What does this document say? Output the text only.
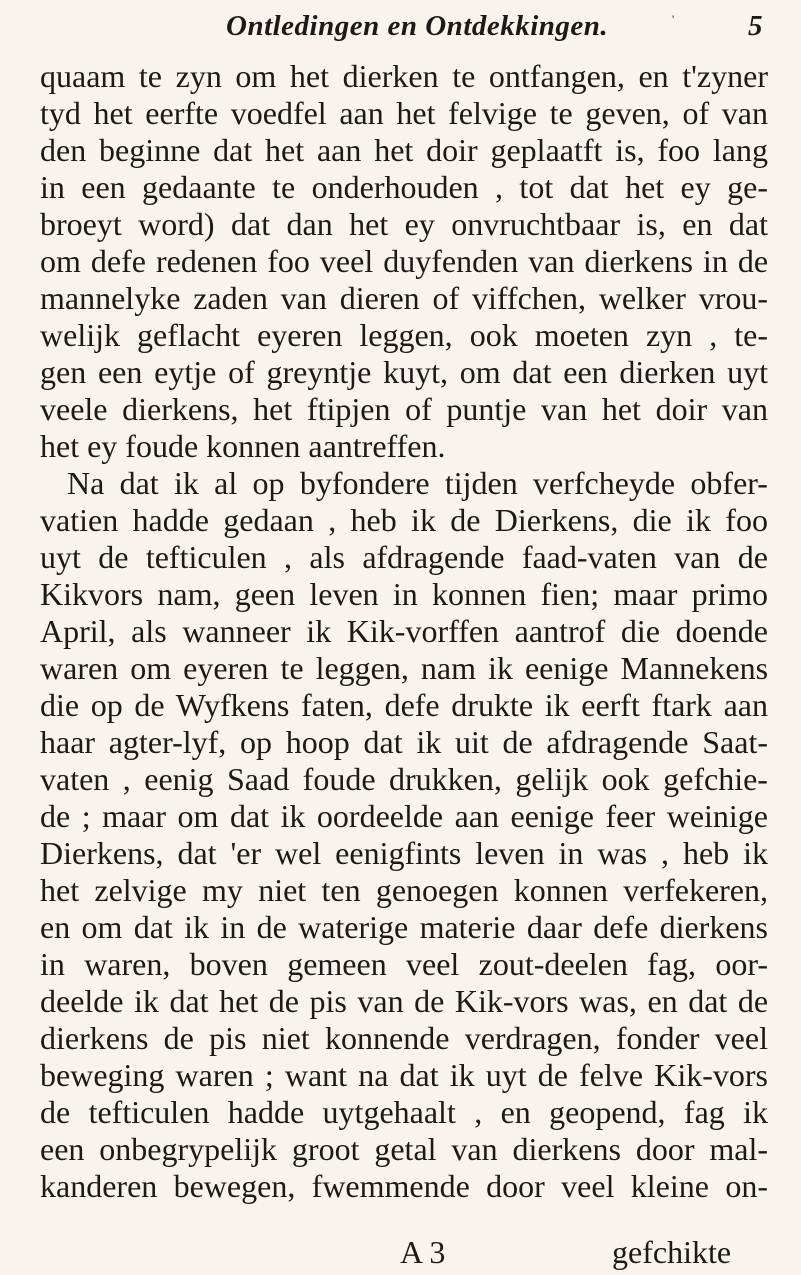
Ontledingen en Ontdekkingen.	'	5
quaam te zyn om het dierken te ontfangen, en t'zyner
tyd het eerfte voedfel aan het felvige te geven, of van
den beginne dat het aan het doir geplaatft is, foo lang
in een gedaante te onderhouden , tot dat het ey ge-
broeyt word) dat dan het ey onvruchtbaar is, en dat
om defe redenen foo veel duyfenden van dierkens in de
mannelyke zaden van dieren of viffchen, welker vrou-
welijk geflacht eyeren leggen, ook moeten zyn , te-
gen een eytje of greyntje kuyt, om dat een dierken uyt
veele dierkens, het ftipjen of puntje van het doir van
het ey foude konnen aantreffen.
Na dat ik al op byfondere tijden verfcheyde obfer-
vatien hadde gedaan , heb ik de Dierkens, die ik foo
uyt de tefticulen , als afdragende faad-vaten van de
Kikvors nam, geen leven in konnen fien; maar primo
April, als wanneer ik Kik-vorffen aantrof die doende
waren om eyeren te leggen, nam ik eenige Mannekens
die op de Wyfkens faten, defe drukte ik eerft ftark aan
haar agter-lyf, op hoop dat ik uit de afdragende Saat-
vaten , eenig Saad foude drukken, gelijk ook gefchie-
de ; maar om dat ik oordeelde aan eenige feer weinige
Dierkens, dat 'er wel eenigfints leven in was , heb ik
het zelvige my niet ten genoegen konnen verfekeren,
en om dat ik in de waterige materie daar defe dierkens
in waren, boven gemeen veel zout-deelen fag, oor-
deelde ik dat het de pis van de Kik-vors was, en dat de
dierkens de pis niet konnende verdragen, fonder veel
beweging waren ; want na dat ik uyt de felve Kik-vors
de tefticulen hadde uytgehaalt , en geopend, fag ik
een onbegrypelijk groot getal van dierkens door mal-
kanderen bewegen, fwemmende door veel kleine on-
A 3	gefchikte
